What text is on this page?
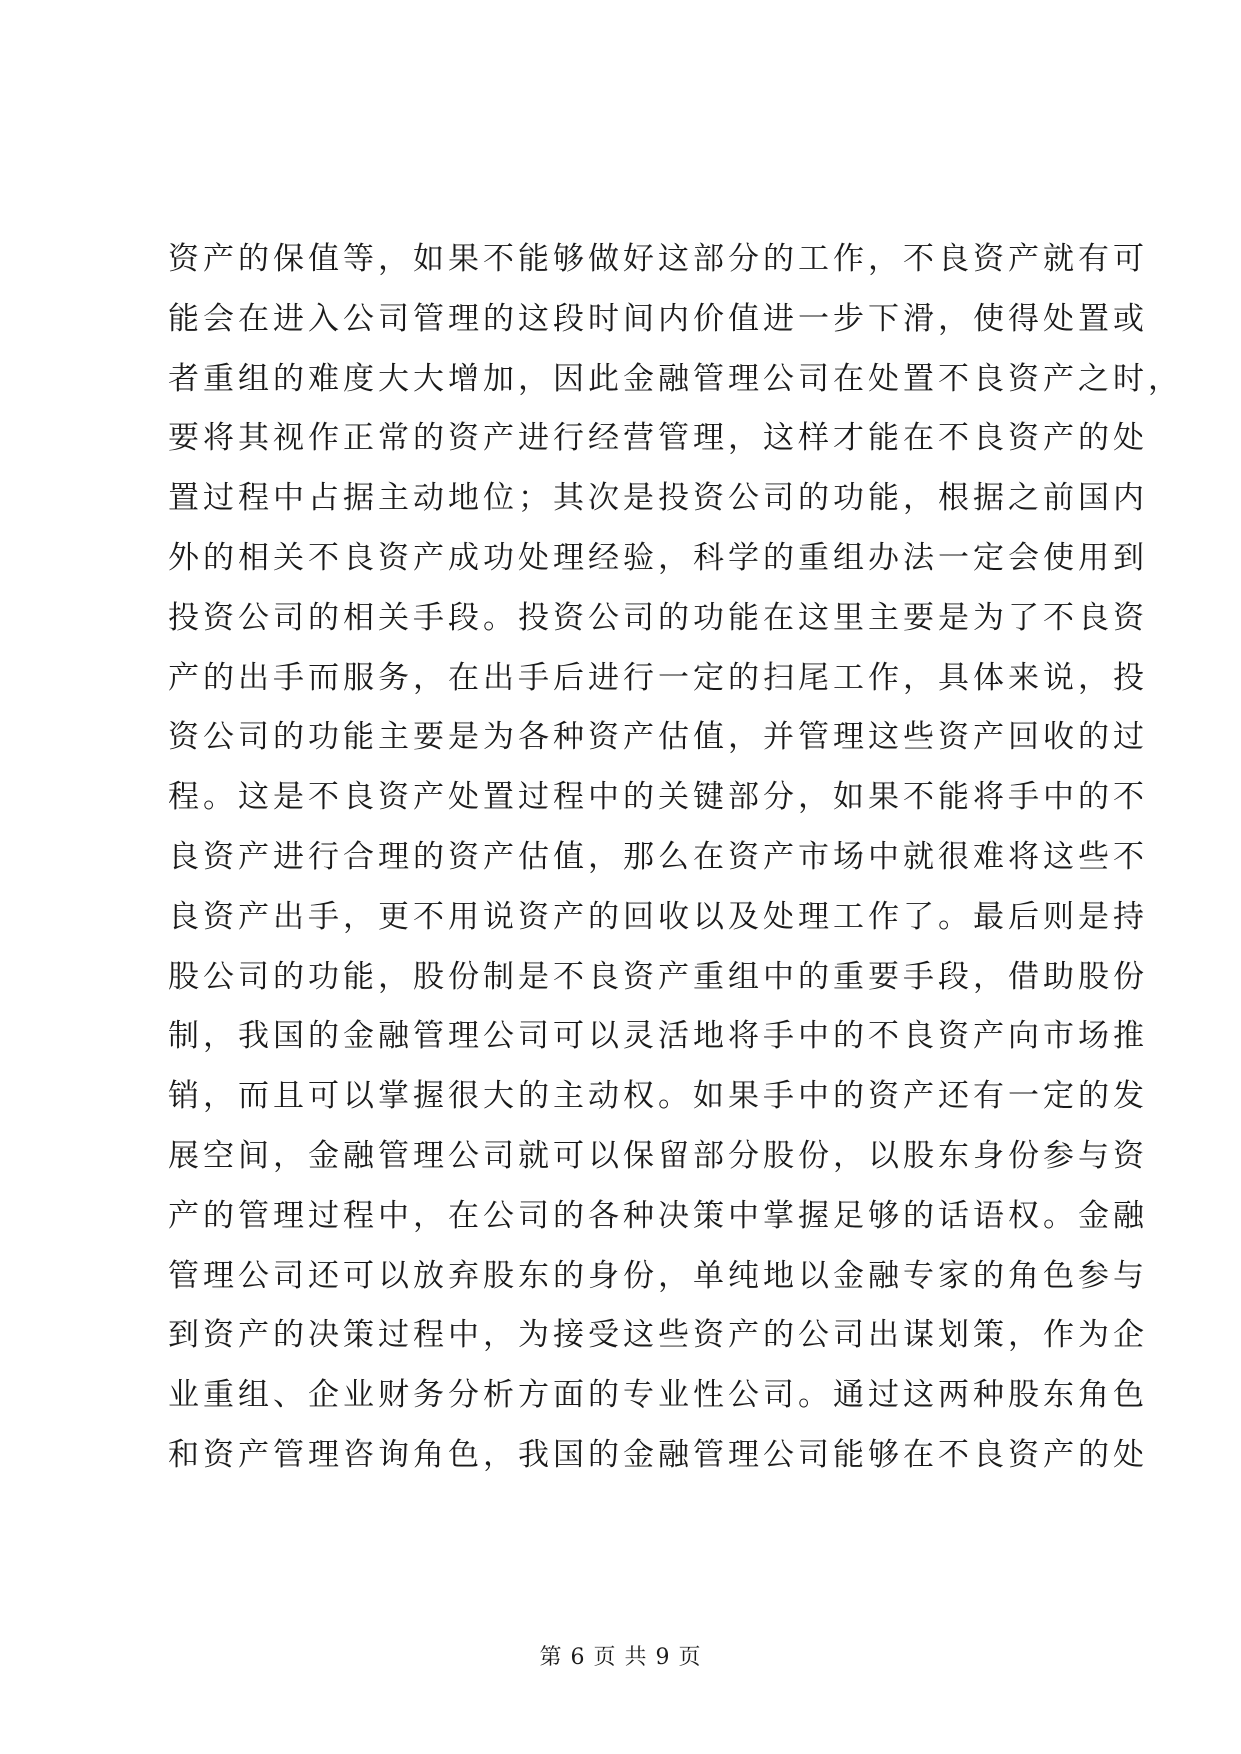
资产的保值等，如果不能够做好这部分的工作，不良资产就有可
能会在进入公司管理的这段时间内价值进一步下滑，使得处置或
者重组的难度大大增加，因此金融管理公司在处置不良资产之时，
要将其视作正常的资产进行经营管理，这样才能在不良资产的处
置过程中占据主动地位；其次是投资公司的功能，根据之前国内
外的相关不良资产成功处理经验，科学的重组办法一定会使用到
投资公司的相关手段。投资公司的功能在这里主要是为了不良资
产的出手而服务，在出手后进行一定的扫尾工作，具体来说，投
资公司的功能主要是为各种资产估值，并管理这些资产回收的过
程。这是不良资产处置过程中的关键部分，如果不能将手中的不
良资产进行合理的资产估值，那么在资产市场中就很难将这些不
良资产出手，更不用说资产的回收以及处理工作了。最后则是持
股公司的功能，股份制是不良资产重组中的重要手段，借助股份
制，我国的金融管理公司可以灵活地将手中的不良资产向市场推
销，而且可以掌握很大的主动权。如果手中的资产还有一定的发
展空间，金融管理公司就可以保留部分股份，以股东身份参与资
产的管理过程中，在公司的各种决策中掌握足够的话语权。金融
管理公司还可以放弃股东的身份，单纯地以金融专家的角色参与
到资产的决策过程中，为接受这些资产的公司出谋划策，作为企
业重组、企业财务分析方面的专业性公司。通过这两种股东角色
和资产管理咨询角色，我国的金融管理公司能够在不良资产的处
第 6 页 共 9 页
